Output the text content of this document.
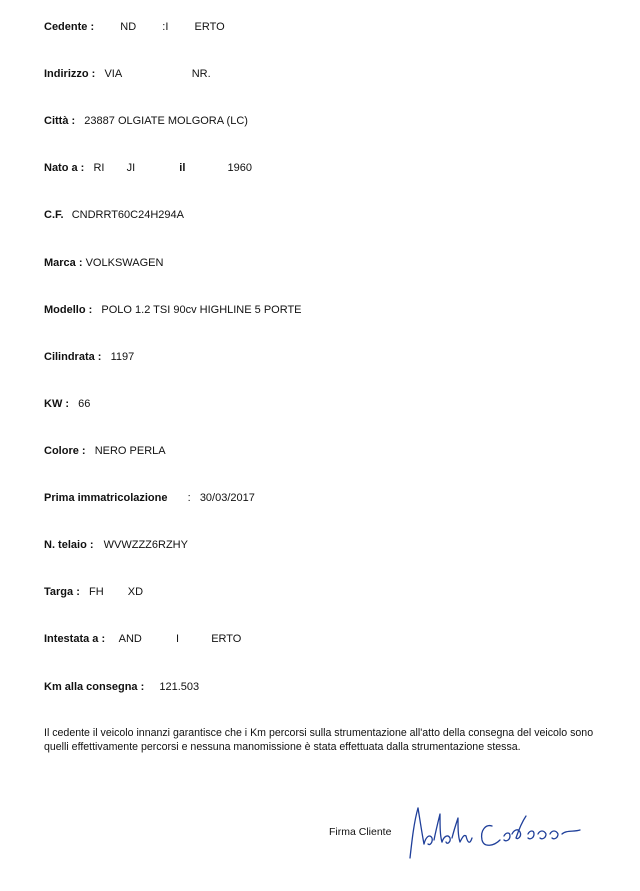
Cedente : ND :I ERTO
Indirizzo : VIA	NR.
Città : 23887 OLGIATE MOLGORA (LC)
Nato a : RI JI	il	1960
C.F. CNDRRT60C24H294A
Marca : VOLKSWAGEN
Modello : POLO 1.2 TSI 90cv HIGHLINE 5 PORTE
Cilindrata : 1197
KW : 66
Colore : NERO PERLA
Prima immatricolazione : 30/03/2017
N. telaio : WVWZZZ6RZHY
Targa : FH XD
Intestata a : AND	I	ERTO
Km alla consegna : 121.503
Il cedente il veicolo innanzi garantisce che i Km percorsi sulla strumentazione all'atto della consegna del veicolo sono quelli effettivamente percorsi e nessuna manomissione è stata effettuata dalla strumentazione stessa.
Firma Cliente
